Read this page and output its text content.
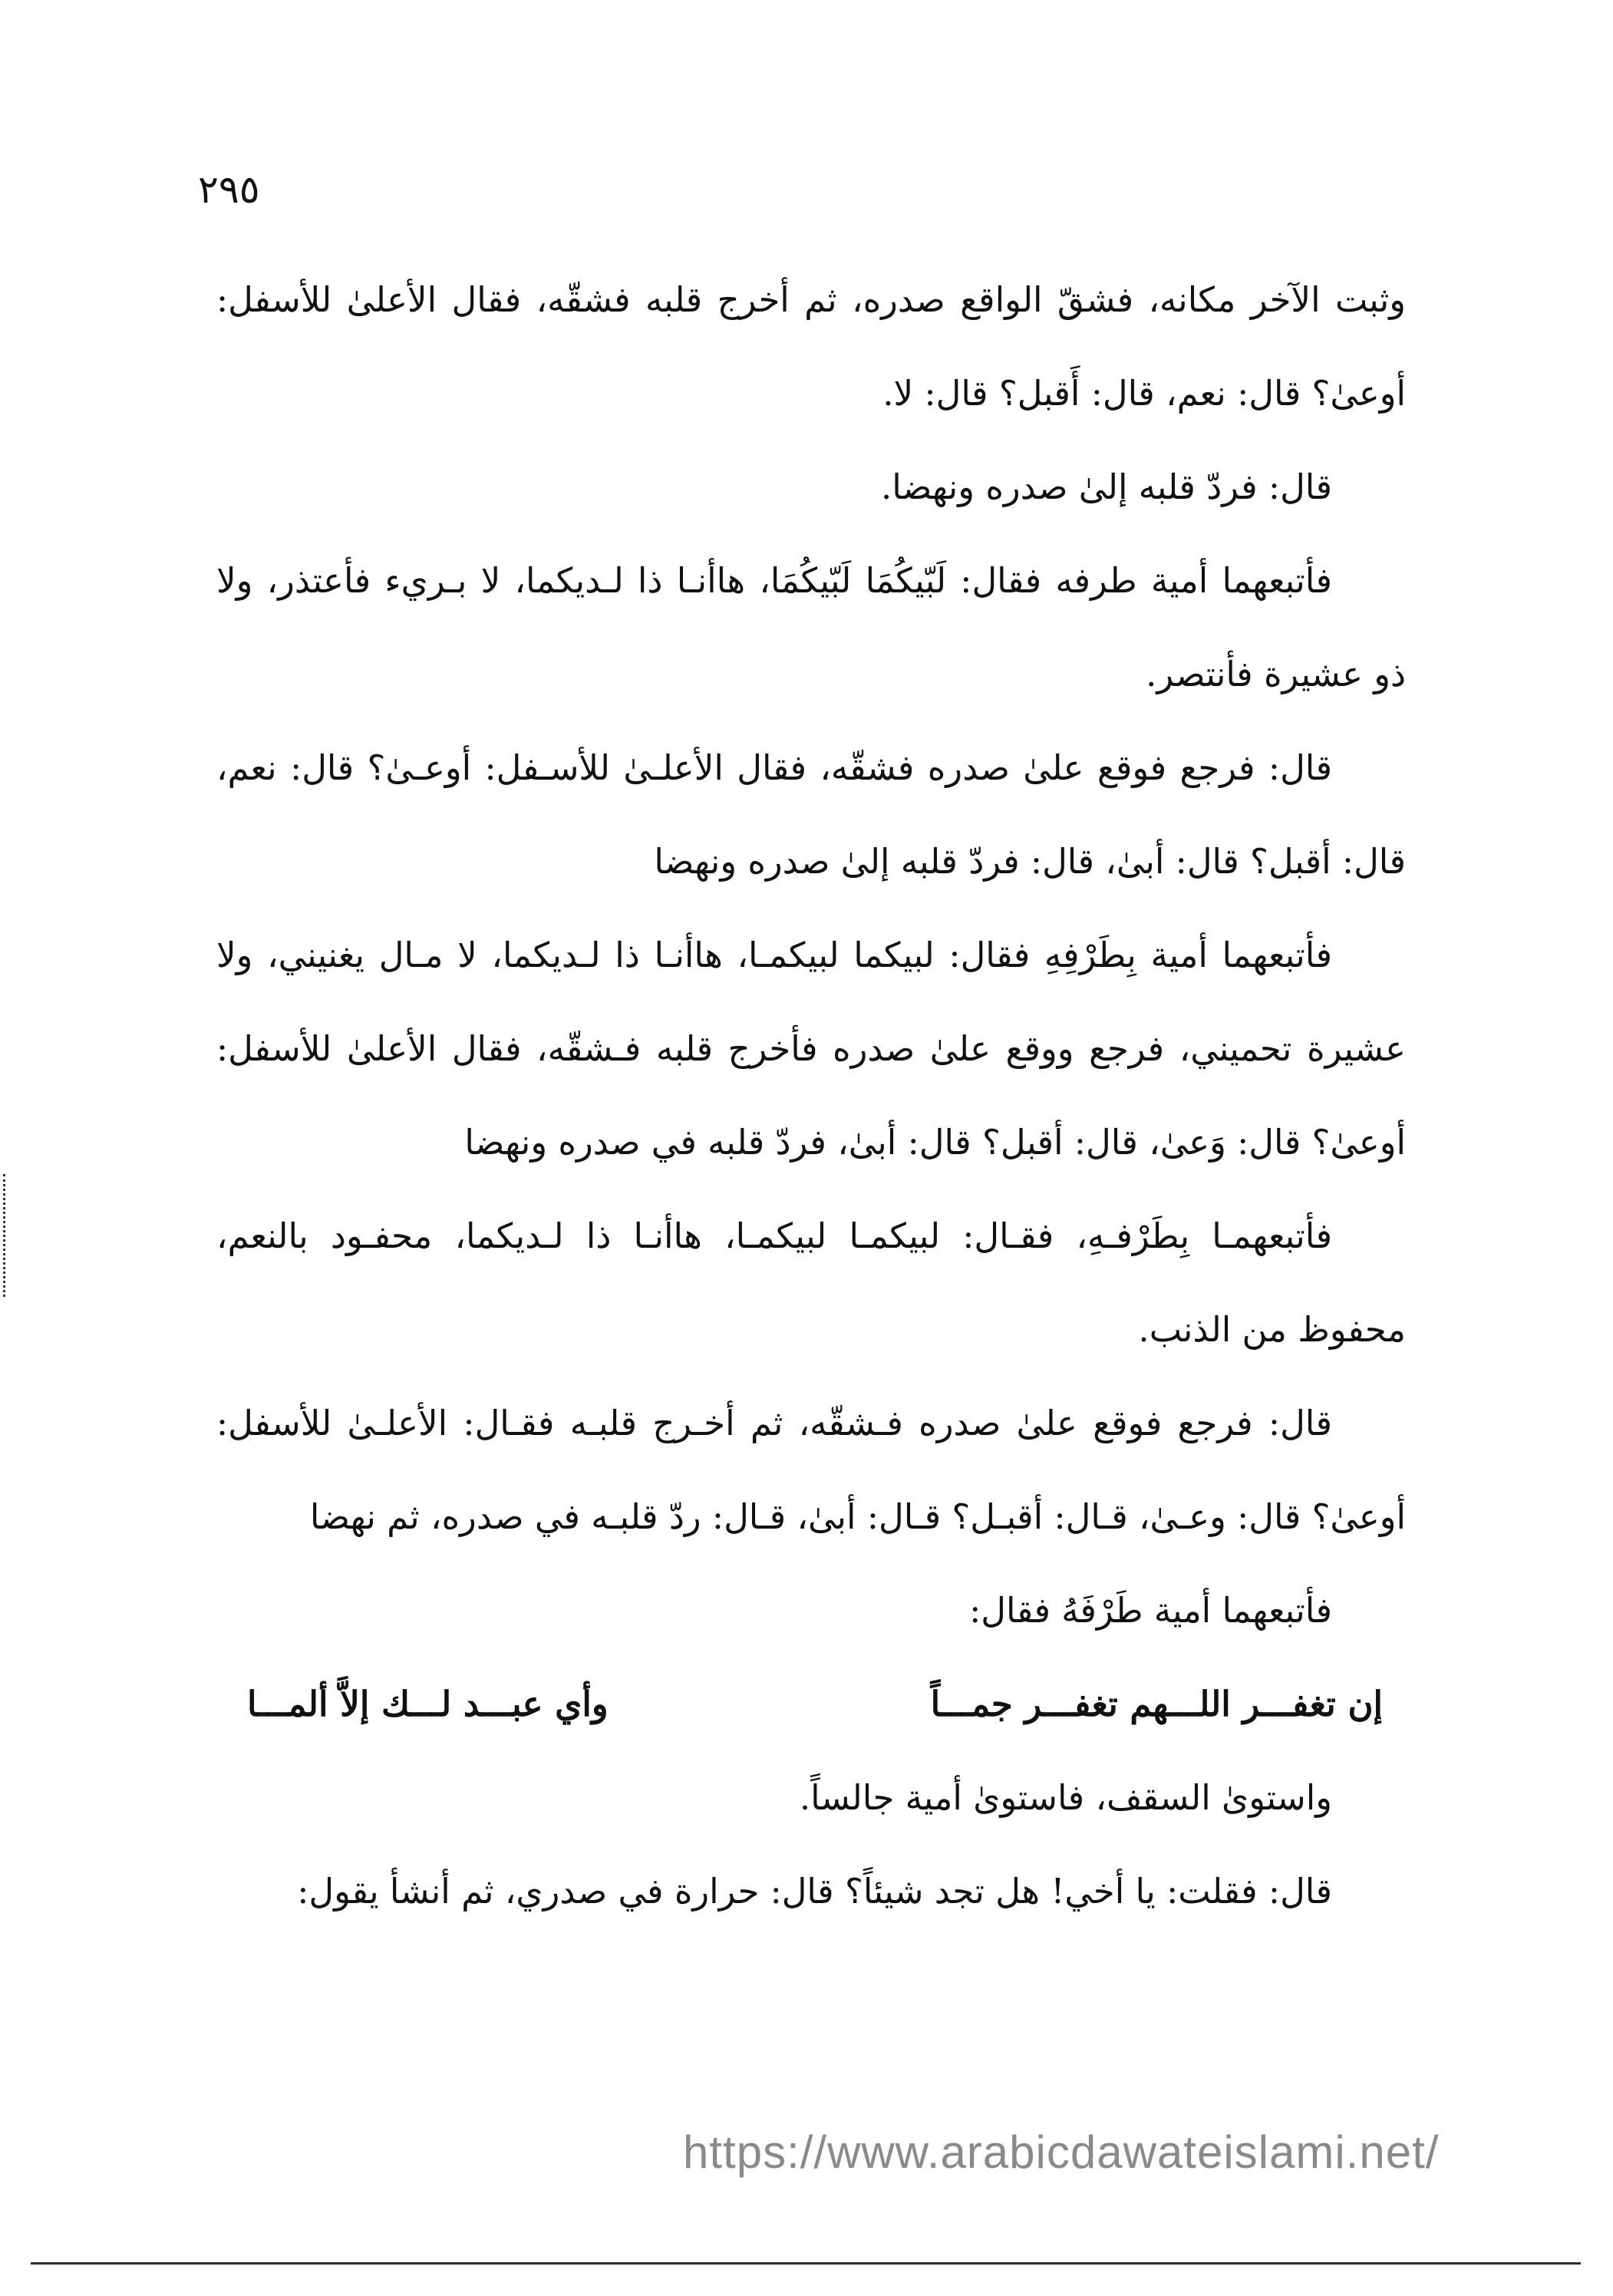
٢٩٥

وثبت الآخر مكانه، فشقّ الواقع صدره، ثم أخرج قلبه فشقّه، فقال الأعلىٰ للأسفل: أوعىٰ؟ قال: نعم، قال: أَقبل؟ قال: لا.

قال: فردّ قلبه إلىٰ صدره ونهضا.

فأتبعهما أمية طرفه فقال: لَبّيكُمَا لَبّيكُمَا، هاأنـا ذا لـديكما، لا بـريء فأعتذر، ولا ذو عشيرة فأنتصر.

قال: فرجع فوقع علىٰ صدره فشقّه، فقال الأعلـىٰ للأسـفل: أوعـىٰ؟ قال: نعم، قال: أقبل؟ قال: أبىٰ، قال: فردّ قلبه إلىٰ صدره ونهضا

فأتبعهما أمية بِطَرْفِهِ فقال: لبيكما لبيكمـا، هاأنـا ذا لـديكما، لا مـال يغنيني، ولا عشيرة تحميني، فرجع ووقع علىٰ صدره فأخرج قلبه فـشقّه، فقال الأعلىٰ للأسفل: أوعىٰ؟ قال: وَعىٰ، قال: أقبل؟ قال: أبىٰ، فردّ قلبه في صدره ونهضا

فأتبعهمـا بِطَرْفـهِ، فقـال: لبيكمـا لبيكمـا، هاأنـا ذا لـديكما، محفـود بالنعم، محفوظ من الذنب.

قال: فرجع فوقع علىٰ صدره فـشقّه، ثم أخـرج قلبـه فقـال: الأعلـىٰ للأسفل: أوعىٰ؟ قال: وعـىٰ، قـال: أقبـل؟ قـال: أبىٰ، قـال: ردّ قلبـه في صدره، ثم نهضا

فأتبعهما أمية طَرْفَهُ فقال:

إن تغفـــر اللـــهم تغفـــر جمـــاً
وأي عبـــد لـــك إلاَّ ألمـــا

واستوىٰ السقف، فاستوىٰ أمية جالساً.

قال: فقلت: يا أخي! هل تجد شيئاً؟ قال: حرارة في صدري، ثم أنشأ يقول:

https://www.arabicdawateislami.net/
